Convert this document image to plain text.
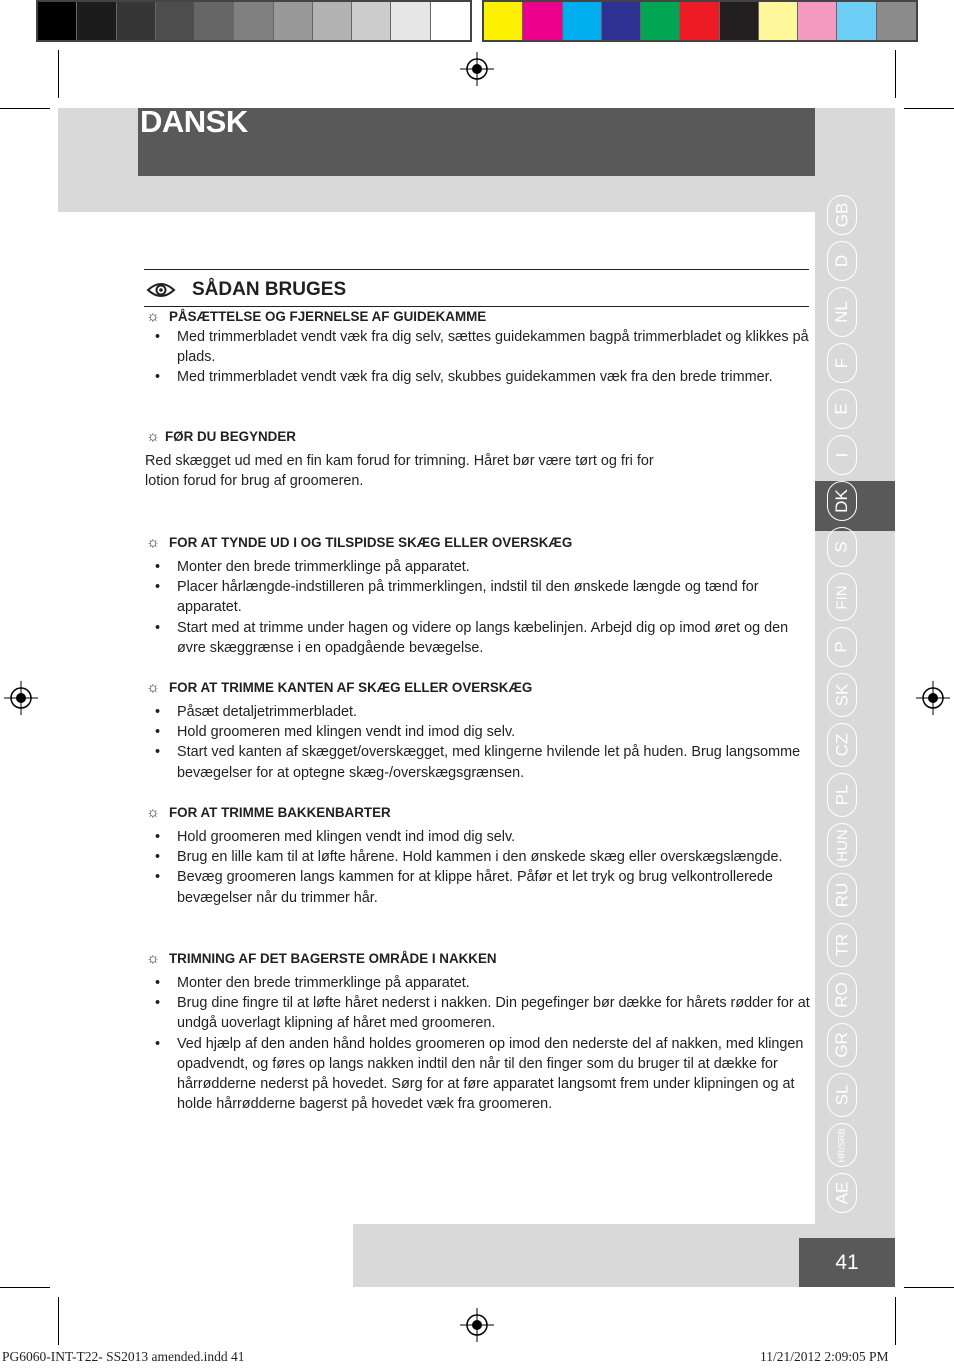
DANSK
41
GB
D
NL
F
E
I
DK
S
FIN
P
SK
CZ
PL
HUN
RU
TR
RO
GR
SL
HR/SRB
AE
SÅDAN BRUGES
☼ PÅSÆTTELSE OG FJERNELSE AF GUIDEKAMME
• Med trimmerbladet vendt væk fra dig selv, sættes guidekammen bagpå trimmerbladet og klikkes på plads.
• Med trimmerbladet vendt væk fra dig selv, skubbes guidekammen væk fra den brede trimmer.
☼ FØR DU BEGYNDER
Red skægget ud med en fin kam forud for trimning. Håret bør være tørt og fri for
lotion forud for brug af groomeren.
☼ FOR AT TYNDE UD I OG TILSPIDSE SKÆG ELLER OVERSKÆG
• Monter den brede trimmerklinge på apparatet.
• Placer hårlængde-indstilleren på trimmerklingen, indstil til den ønskede længde og tænd for apparatet.
• Start med at trimme under hagen og videre op langs kæbelinjen. Arbejd dig op imod øret og den øvre skæggrænse i en opadgående bevægelse.
☼ FOR AT TRIMME KANTEN AF SKÆG ELLER OVERSKÆG
• Påsæt detaljetrimmerbladet.
• Hold groomeren med klingen vendt ind imod dig selv.
• Start ved kanten af skægget/overskægget, med klingerne hvilende let på huden. Brug langsomme bevægelser for at optegne skæg-/overskægsgrænsen.
☼ FOR AT TRIMME BAKKENBARTER
• Hold groomeren med klingen vendt ind imod dig selv.
• Brug en lille kam til at løfte hårene. Hold kammen i den ønskede skæg eller overskægslængde.
• Bevæg groomeren langs kammen for at klippe håret. Påfør et let tryk og brug velkontrollerede bevægelser når du trimmer hår.
☼ TRIMNING AF DET BAGERSTE OMRÅDE I NAKKEN
• Monter den brede trimmerklinge på apparatet.
• Brug dine fingre til at løfte håret nederst i nakken. Din pegefinger bør dække for hårets rødder for at undgå uoverlagt klipning af håret med groomeren.
• Ved hjælp af den anden hånd holdes groomeren op imod den nederste del af nakken, med klingen opadvendt, og føres op langs nakken indtil den når til den finger som du bruger til at dække for hårrødderne nederst på hovedet. Sørg for at føre apparatet langsomt frem under klipningen og at holde hårrødderne bagerst på hovedet væk fra groomeren.
PG6060-INT-T22- SS2013 amended.indd 41	11/21/2012 2:09:05 PM
